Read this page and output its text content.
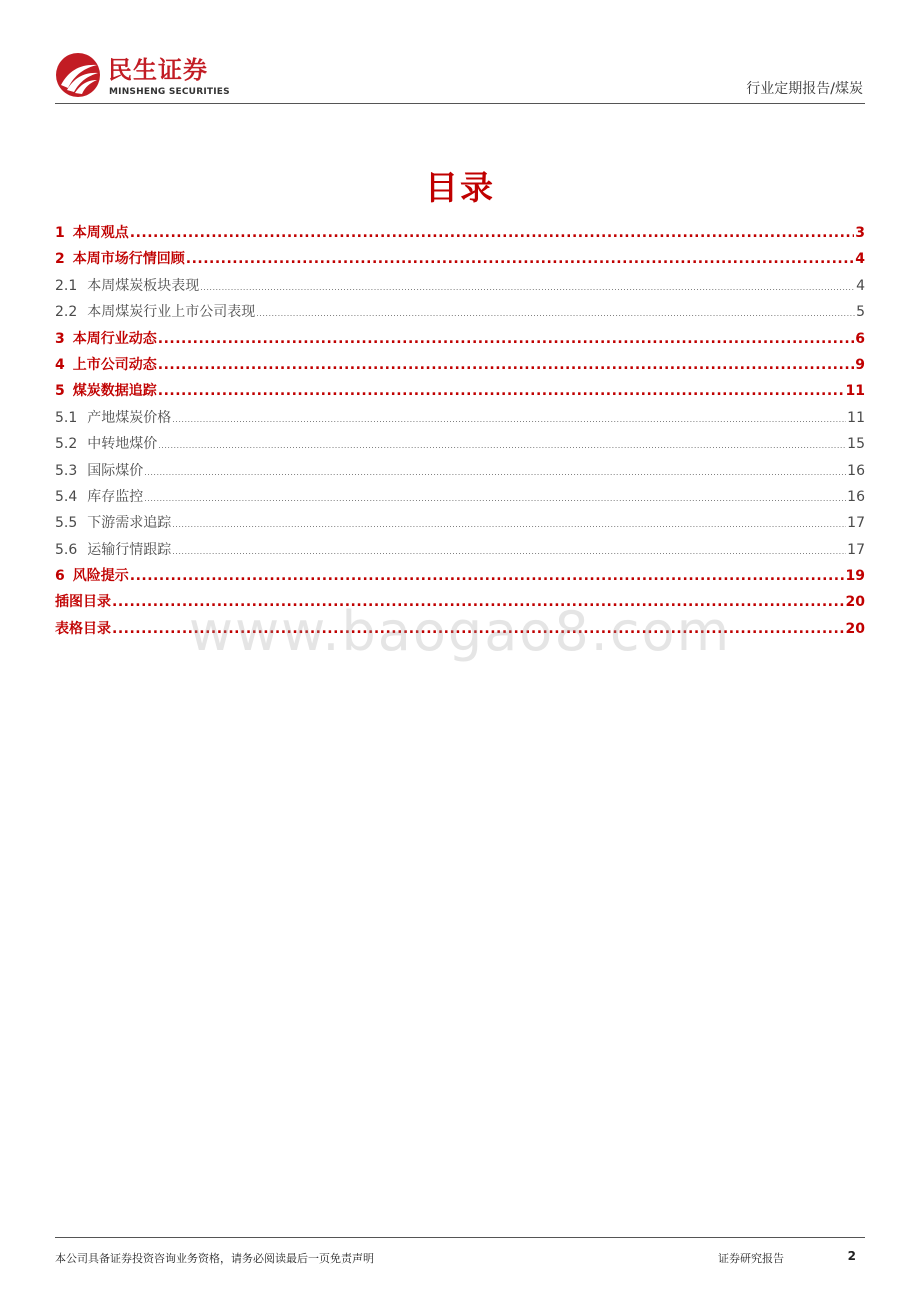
民生证券
MINSHENG SECURITIES	行业定期报告/煤炭
目录
1 本周观点 .....	3
2 本周市场行情回顾 .....	4
2.1 本周煤炭板块表现 .....	4
2.2 本周煤炭行业上市公司表现 .....	5
3 本周行业动态 .....	6
4 上市公司动态 .....	9
5 煤炭数据追踪 .....	11
5.1 产地煤炭价格 .....	11
5.2 中转地煤价 .....	15
5.3 国际煤价 .....	16
5.4 库存监控 .....	16
5.5 下游需求追踪 .....	17
5.6 运输行情跟踪 .....	17
6 风险提示 .....	19
插图目录 .....	20
表格目录 .....	20
www.baogao8.com
本公司具备证券投资咨询业务资格，请务必阅读最后一页免责声明	证券研究报告	2
